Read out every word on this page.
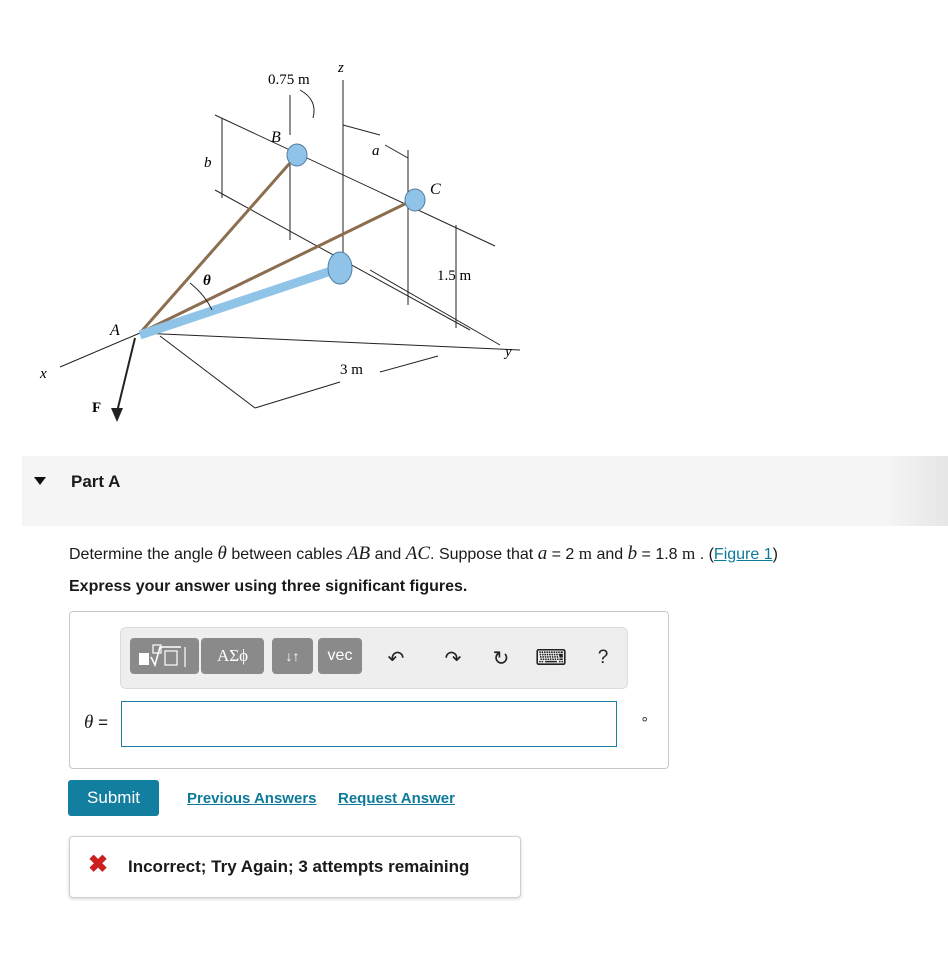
0.75 m
z
B
a
C
b
θ	1.5 m
A
x
y
3 m
F
Part A
Determine the angle θ between cables AB and AC. Suppose that a = 2 m and b = 1.8 m . (Figure 1)
Express your answer using three significant figures.
ΑΣϕ	↓↑	vec	↶ ↷ ↻ ⌨	?
θ =	∘
Submit	Previous Answers Request Answer
✖ Incorrect; Try Again; 3 attempts remaining
